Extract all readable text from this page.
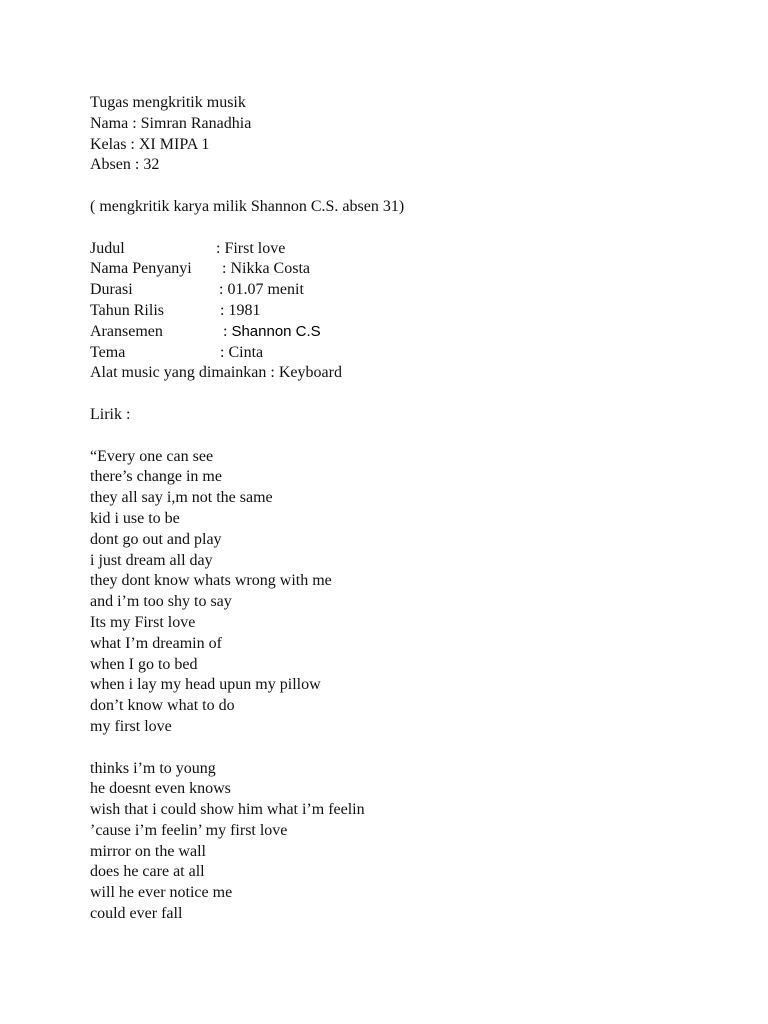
Tugas mengkritik musik
Nama : Simran Ranadhia
Kelas : XI MIPA 1
Absen : 32
( mengkritik karya milik Shannon C.S. absen 31)
Judul	: First love
Nama Penyanyi : Nikka Costa
Durasi	: 01.07 menit
Tahun Rilis	: 1981
Aransemen	: Shannon C.S
Tema	: Cinta
Alat music yang dimainkan : Keyboard
Lirik :
“Every one can see
there’s change in me
they all say i,m not the same
kid i use to be
dont go out and play
i just dream all day
they dont know whats wrong with me
and i’m too shy to say
Its my First love
what I’m dreamin of
when I go to bed
when i lay my head upun my pillow
don’t know what to do
my first love
thinks i’m to young
he doesnt even knows
wish that i could show him what i’m feelin
’cause i’m feelin’ my first love
mirror on the wall
does he care at all
will he ever notice me
could ever fall
